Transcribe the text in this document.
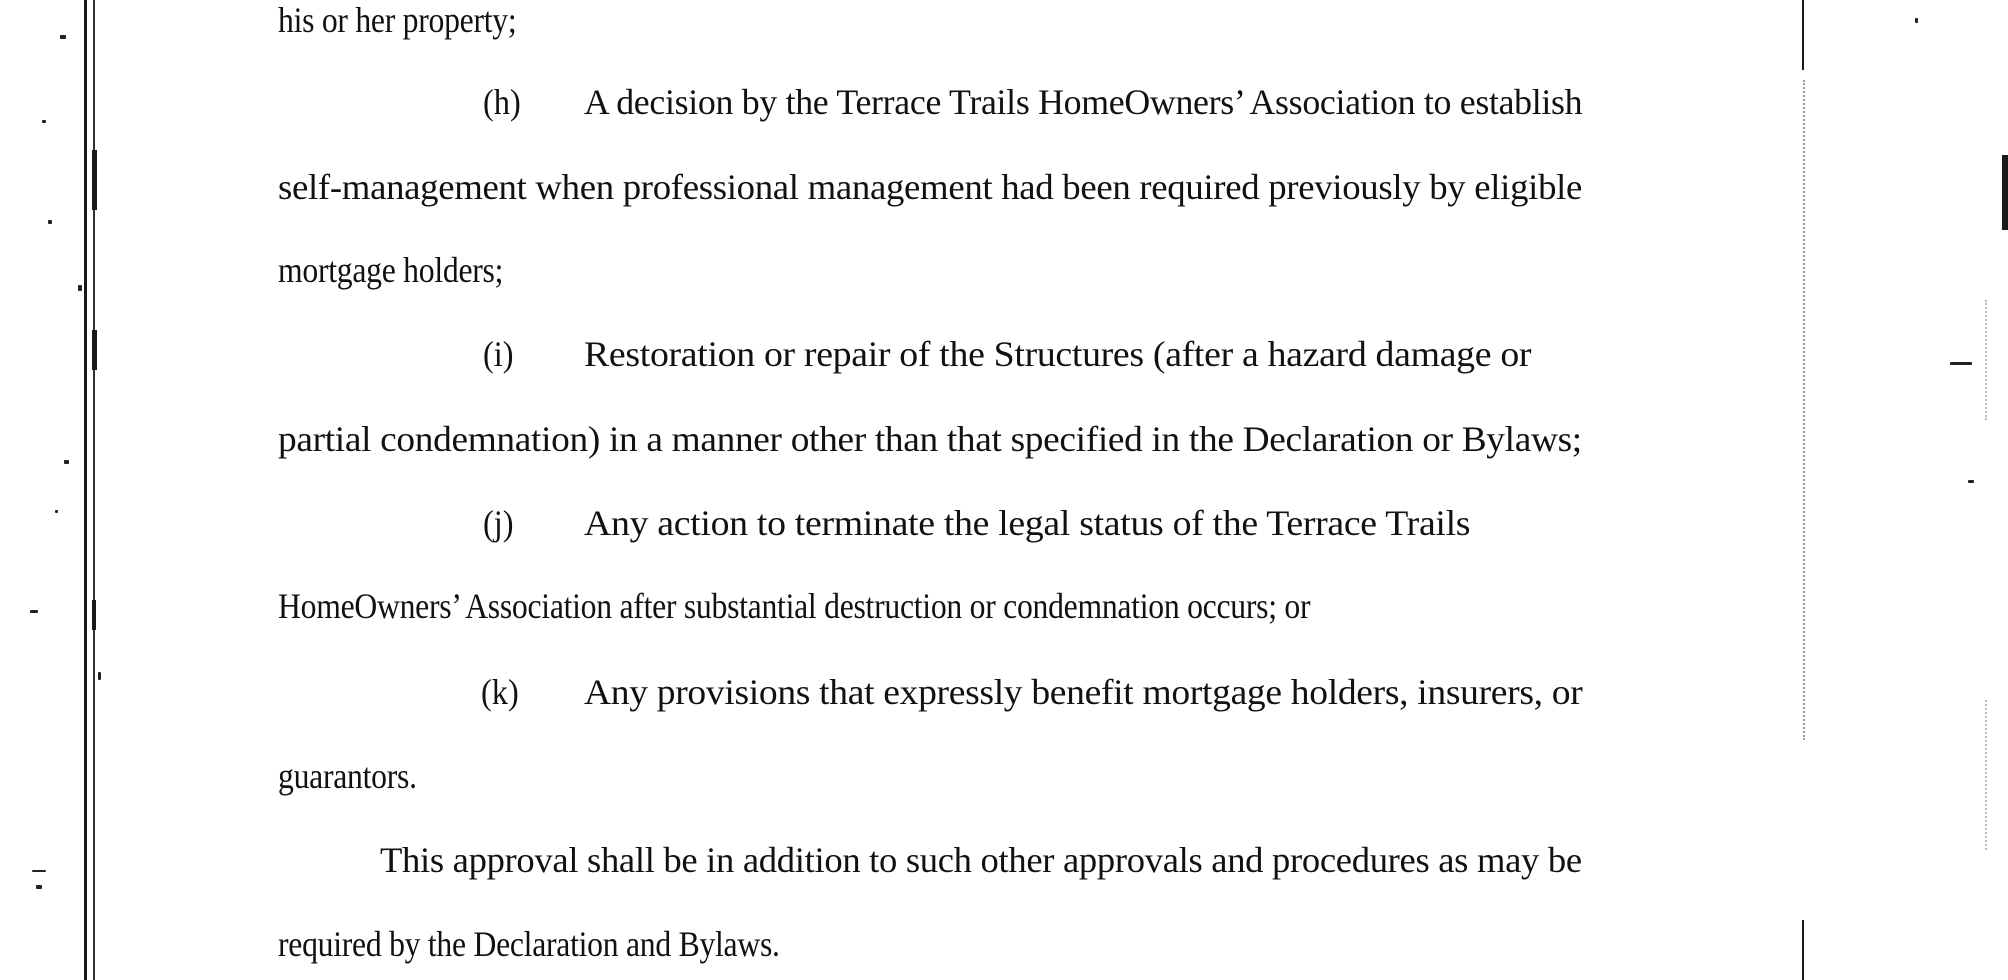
his or her property;
(h) A decision by the Terrace Trails HomeOwners’ Association to establish
self-management when professional management had been required previously by eligible
mortgage holders;
(i) Restoration or repair of the Structures (after a hazard damage or
partial condemnation) in a manner other than that specified in the Declaration or Bylaws;
(j) Any action to terminate the legal status of the Terrace Trails
HomeOwners’ Association after substantial destruction or condemnation occurs; or
(k) Any provisions that expressly benefit mortgage holders, insurers, or
guarantors.
This approval shall be in addition to such other approvals and procedures as may be
required by the Declaration and Bylaws.
